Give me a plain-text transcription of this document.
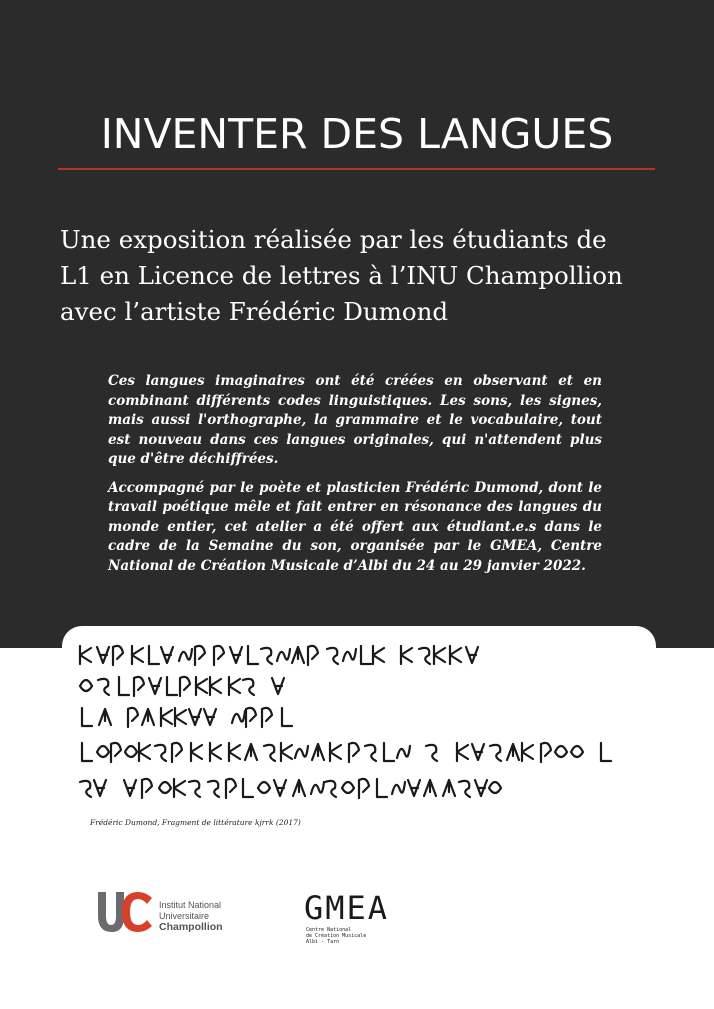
INVENTER DES LANGUES
Une exposition réalisée par les étudiants de
L1 en Licence de lettres à l’INU Champollion
avec l’artiste Frédéric Dumond

Ces langues imaginaires ont été créées en observant et en combinant différents codes linguistiques. Les sons, les signes, mais aussi l'orthographe, la grammaire et le vocabulaire, tout est nouveau dans ces langues originales, qui n'attendent plus que d'être déchiffrées.

Accompagné par le poète et plasticien Frédéric Dumond, dont le travail poétique mêle et fait entrer en résonance des langues du monde entier, cet atelier a été offert aux étudiant.e.s dans le cadre de la Semaine du son, organisée par le GMEA, Centre National de Création Musicale d’Albi du 24 au 29 janvier 2022.

Frédéric Dumond, Fragment de littérature kjrrk (2017)
Institut National
Universitaire
Champollion	GMEA
Centre National
de Création Musicale
Albi - Tarn
